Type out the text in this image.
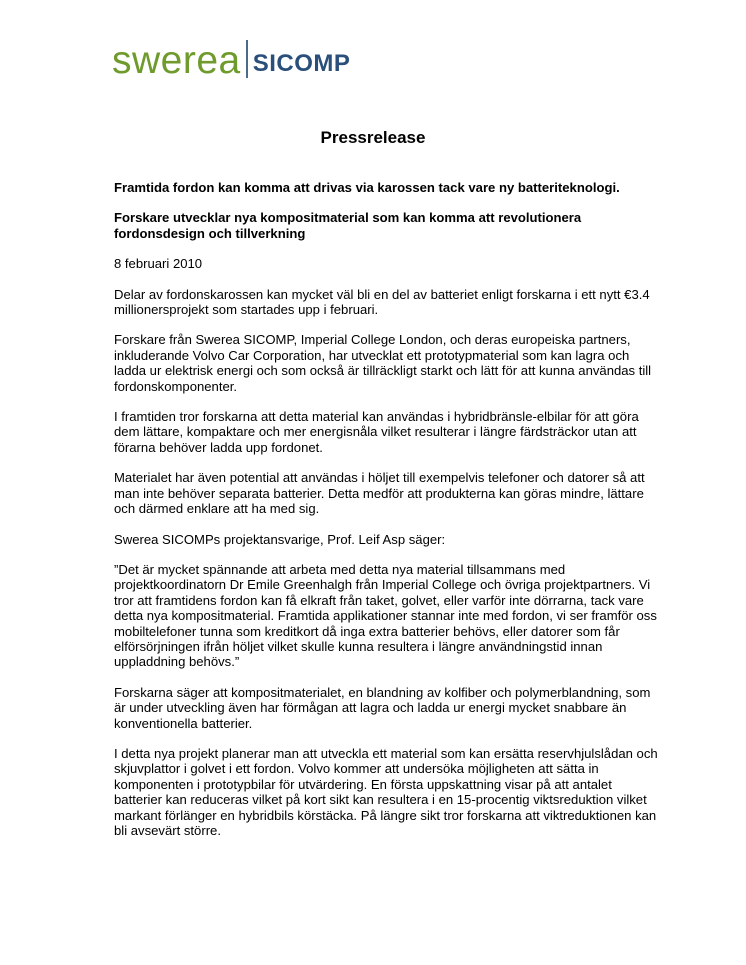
swerea SICOMP
Pressrelease

Framtida fordon kan komma att drivas via karossen tack vare ny batteriteknologi.

Forskare utvecklar nya kompositmaterial som kan komma att revolutionera fordonsdesign och tillverkning

8 februari 2010

Delar av fordonskarossen kan mycket väl bli en del av batteriet enligt forskarna i ett nytt €3.4 millionersprojekt som startades upp i februari.

Forskare från Swerea SICOMP, Imperial College London, och deras europeiska partners, inkluderande Volvo Car Corporation, har utvecklat ett prototypmaterial som kan lagra och ladda ur elektrisk energi och som också är tillräckligt starkt och lätt för att kunna användas till fordonskomponenter.

I framtiden tror forskarna att detta material kan användas i hybridbränsle-elbilar för att göra dem lättare, kompaktare och mer energisnåla vilket resulterar i längre färdsträckor utan att förarna behöver ladda upp fordonet.

Materialet har även potential att användas i höljet till exempelvis telefoner och datorer så att man inte behöver separata batterier. Detta medför att produkterna kan göras mindre, lättare och därmed enklare att ha med sig.

Swerea SICOMPs projektansvarige, Prof. Leif Asp säger:

”Det är mycket spännande att arbeta med detta nya material tillsammans med projektkoordinatorn Dr Emile Greenhalgh från Imperial College och övriga projektpartners. Vi tror att framtidens fordon kan få elkraft från taket, golvet, eller varför inte dörrarna, tack vare detta nya kompositmaterial. Framtida applikationer stannar inte med fordon, vi ser framför oss mobiltelefoner tunna som kreditkort då inga extra batterier behövs, eller datorer som får elförsörjningen ifrån höljet vilket skulle kunna resultera i längre användningstid innan uppladdning behövs.”

Forskarna säger att kompositmaterialet, en blandning av kolfiber och polymerblandning, som är under utveckling även har förmågan att lagra och ladda ur energi mycket snabbare än konventionella batterier.

I detta nya projekt planerar man att utveckla ett material som kan ersätta reservhjulslådan och skjuvplattor i golvet i ett fordon. Volvo kommer att undersöka möjligheten att sätta in komponenten i prototypbilar för utvärdering. En första uppskattning visar på att antalet batterier kan reduceras vilket på kort sikt kan resultera i en 15-procentig viktsreduktion vilket markant förlänger en hybridbils körstäcka. På längre sikt tror forskarna att viktreduktionen kan bli avsevärt större.
